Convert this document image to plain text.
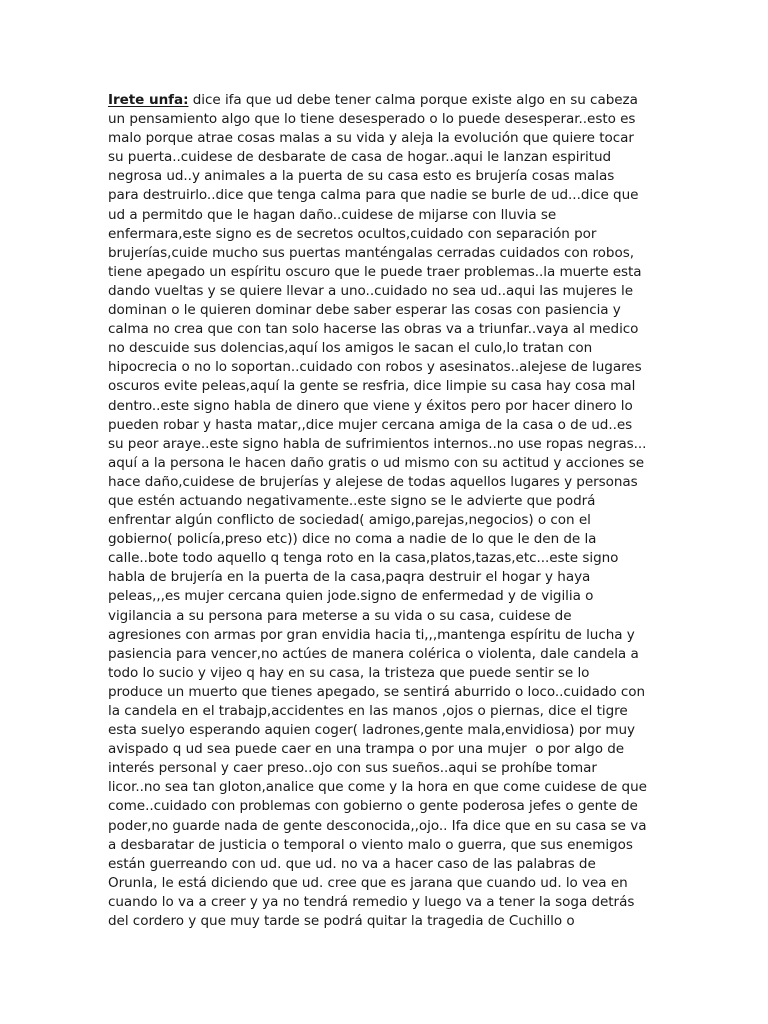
Irete unfa: dice ifa que ud debe tener calma porque existe algo en su cabeza
un pensamiento algo que lo tiene desesperado o lo puede desesperar..esto es
malo porque atrae cosas malas a su vida y aleja la evolución que quiere tocar
su puerta..cuidese de desbarate de casa de hogar..aqui le lanzan espiritud
negrosa ud..y animales a la puerta de su casa esto es brujería cosas malas
para destruirlo..dice que tenga calma para que nadie se burle de ud...dice que
ud a permitdo que le hagan daño..cuidese de mijarse con lluvia se
enfermara,este signo es de secretos ocultos,cuidado con separación por
brujerías,cuide mucho sus puertas manténgalas cerradas cuidados con robos,
tiene apegado un espíritu oscuro que le puede traer problemas..la muerte esta
dando vueltas y se quiere llevar a uno..cuidado no sea ud..aqui las mujeres le
dominan o le quieren dominar debe saber esperar las cosas con pasiencia y
calma no crea que con tan solo hacerse las obras va a triunfar..vaya al medico
no descuide sus dolencias,aquí los amigos le sacan el culo,lo tratan con
hipocrecia o no lo soportan..cuidado con robos y asesinatos..alejese de lugares
oscuros evite peleas,aquí la gente se resfria, dice limpie su casa hay cosa mal
dentro..este signo habla de dinero que viene y éxitos pero por hacer dinero lo
pueden robar y hasta matar,,dice mujer cercana amiga de la casa o de ud..es
su peor araye..este signo habla de sufrimientos internos..no use ropas negras...
aquí a la persona le hacen daño gratis o ud mismo con su actitud y acciones se
hace daño,cuidese de brujerías y alejese de todas aquellos lugares y personas
que estén actuando negativamente..este signo se le advierte que podrá
enfrentar algún conflicto de sociedad( amigo,parejas,negocios) o con el
gobierno( policía,preso etc)) dice no coma a nadie de lo que le den de la
calle..bote todo aquello q tenga roto en la casa,platos,tazas,etc...este signo
habla de brujería en la puerta de la casa,paqra destruir el hogar y haya
peleas,,,es mujer cercana quien jode.signo de enfermedad y de vigilia o
vigilancia a su persona para meterse a su vida o su casa, cuidese de
agresiones con armas por gran envidia hacia ti,,,mantenga espíritu de lucha y
pasiencia para vencer,no actúes de manera colérica o violenta, dale candela a
todo lo sucio y vijeo q hay en su casa, la tristeza que puede sentir se lo
produce un muerto que tienes apegado, se sentirá aburrido o loco..cuidado con
la candela en el trabajp,accidentes en las manos ,ojos o piernas, dice el tigre
esta suelyo esperando aquien coger( ladrones,gente mala,envidiosa) por muy
avispado q ud sea puede caer en una trampa o por una mujer  o por algo de
interés personal y caer preso..ojo con sus sueños..aqui se prohíbe tomar
licor..no sea tan gloton,analice que come y la hora en que come cuidese de que
come..cuidado con problemas con gobierno o gente poderosa jefes o gente de
poder,no guarde nada de gente desconocida,,ojo.. Ifa dice que en su casa se va
a desbaratar de justicia o temporal o viento malo o guerra, que sus enemigos
están guerreando con ud. que ud. no va a hacer caso de las palabras de
Orunla, le está diciendo que ud. cree que es jarana que cuando ud. lo vea en
cuando lo va a creer y ya no tendrá remedio y luego va a tener la soga detrás
del cordero y que muy tarde se podrá quitar la tragedia de Cuchillo o
